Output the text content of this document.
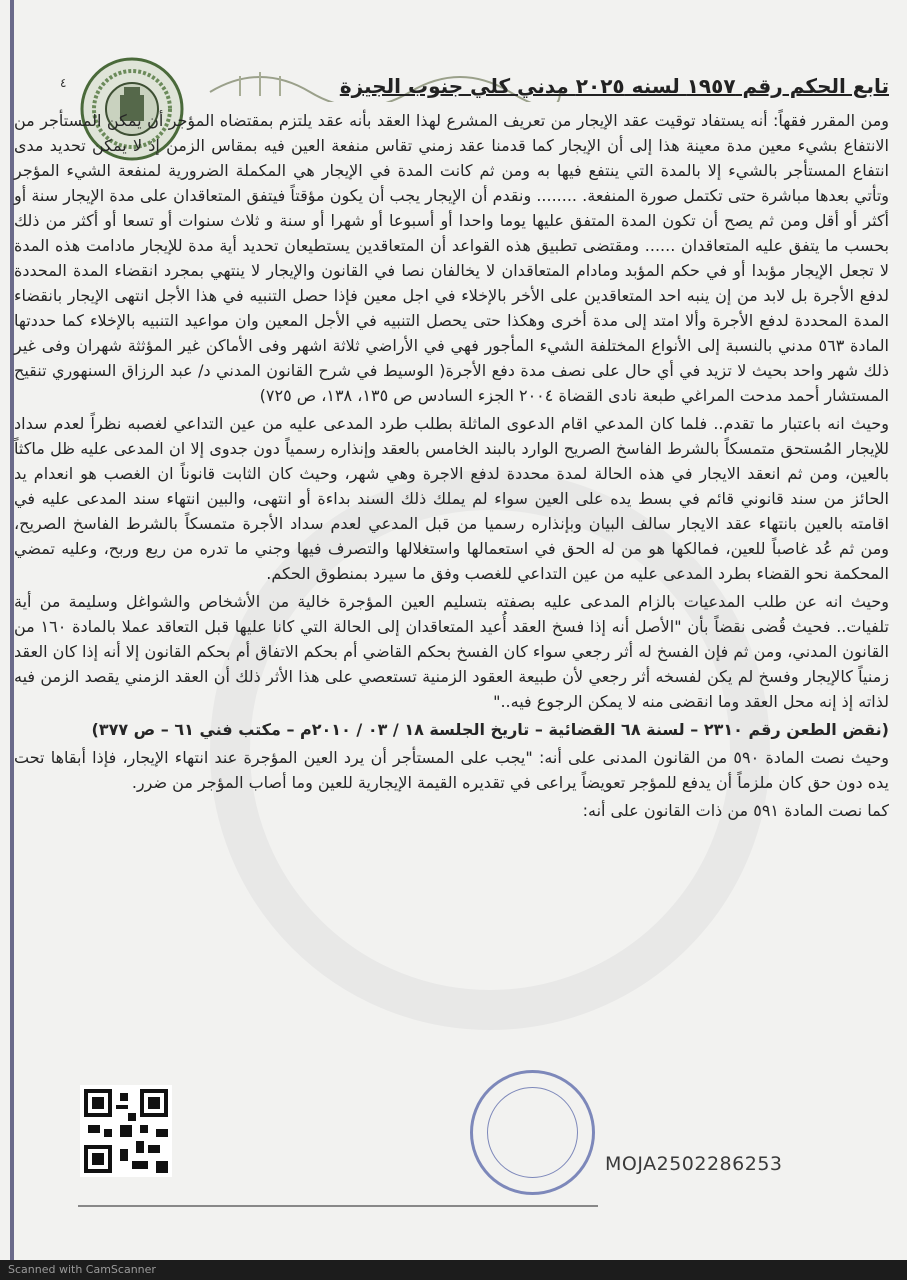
٤	تابع الحكم رقم ١٩٥٧ لسنه ٢٠٢٥ مدني كلي جنوب الجيزة

ومن المقرر فقهاً: أنه يستفاد توقيت عقد الإيجار من تعريف المشرع لهذا العقد بأنه عقد يلتزم بمقتضاه المؤجر أن يمكن المستأجر من الانتفاع بشيء معين مدة معينة هذا إلى أن الإيجار كما قدمنا عقد زمني تقاس منفعة العين فيه بمقاس الزمن إذ لا يمكن تحديد مدى انتفاع المستأجر بالشيء إلا بالمدة التي ينتفع فيها به ومن ثم كانت المدة في الإيجار هي المكملة الضرورية لمنفعة الشيء المؤجر وتأتي بعدها مباشرة حتى تكتمل صورة المنفعة. ........ ونقدم أن الإيجار يجب أن يكون مؤقتاً فيتفق المتعاقدان على مدة الإيجار سنة أو أكثر أو أقل ومن ثم يصح أن تكون المدة المتفق عليها يوما واحدا أو أسبوعا أو شهرا أو سنة و ثلاث سنوات أو تسعا أو أكثر من ذلك بحسب ما يتفق عليه المتعاقدان ...... ومقتضى تطبيق هذه القواعد أن المتعاقدين يستطيعان تحديد أية مدة للإيجار مادامت هذه المدة لا تجعل الإيجار مؤبدا أو في حكم المؤبد ومادام المتعاقدان لا يخالفان نصا في القانون والإيجار لا ينتهي بمجرد انقضاء المدة المحددة لدفع الأجرة بل لابد من إن ينبه احد المتعاقدين على الأخر بالإخلاء في اجل معين فإذا حصل التنبيه في هذا الأجل انتهى الإيجار بانقضاء المدة المحددة لدفع الأجرة وألا امتد إلى مدة أخرى وهكذا حتى يحصل التنبيه في الأجل المعين وان مواعيد التنبيه بالإخلاء كما حددتها المادة ٥٦٣ مدني بالنسبة إلى الأنواع المختلفة الشيء المأجور فهي في الأراضي ثلاثة اشهر وفى الأماكن غير المؤثثة شهران وفى غير ذلك شهر واحد بحيث لا تزيد في أي حال على نصف مدة دفع الأجرة( الوسيط في شرح القانون المدني د/ عبد الرزاق السنهوري تنقيح المستشار أحمد مدحت المراغي طبعة نادى القضاة ٢٠٠٤ الجزء السادس ص ١٣٥، ١٣٨، ص ٧٢٥)

وحيث انه باعتبار ما تقدم.. فلما كان المدعي اقام الدعوى الماثلة بطلب طرد المدعى عليه من عين التداعي لغصبه نظراً لعدم سداد للإيجار المُستحق متمسكاً بالشرط الفاسخ الصريح الوارد بالبند الخامس بالعقد وإنذاره رسمياً دون جدوى إلا ان المدعى عليه ظل ماكثاً بالعين، ومن ثم انعقد الايجار في هذه الحالة لمدة محددة لدفع الاجرة وهي شهر، وحيث كان الثابت قانوناً ان الغصب هو انعدام يد الحائز من سند قانوني قائم في بسط يده على العين سواء لم يملك ذلك السند بداءة أو انتهى، والبين انتهاء سند المدعى عليه في اقامته بالعين بانتهاء عقد الايجار سالف البيان وبإنذاره رسميا من قبل المدعي لعدم سداد الأجرة متمسكاً بالشرط الفاسخ الصريح، ومن ثم عُد غاصباً للعين، فمالكها هو من له الحق في استعمالها واستغلالها والتصرف فيها وجني ما تدره من ريع وربح، وعليه تمضي المحكمة نحو القضاء بطرد المدعى عليه من عين التداعي للغصب وفق ما سيرد بمنطوق الحكم.

وحيث انه عن طلب المدعيات بالزام المدعى عليه بصفته بتسليم العين المؤجرة خالية من الأشخاص والشواغل وسليمة من أية تلفيات.. فحيث قُضى نقضاً بأن "الأصل أنه إذا فسخ العقد أُعيد المتعاقدان إلى الحالة التي كانا عليها قبل التعاقد عملا بالمادة ١٦٠ من القانون المدني، ومن ثم فإن الفسخ له أثر رجعي سواء كان الفسخ بحكم القاضي أم بحكم الاتفاق أم بحكم القانون إلا أنه إذا كان العقد زمنياً كالإيجار وفسخ لم يكن لفسخه أثر رجعي لأن طبيعة العقود الزمنية تستعصي على هذا الأثر ذلك أن العقد الزمني يقصد الزمن فيه لذاته إذ إنه محل العقد وما انقضى منه لا يمكن الرجوع فيه.."

(نقض الطعن رقم ٢٣١٠ – لسنة ٦٨ القضائية – تاريخ الجلسة ١٨ / ٠٣ / ٢٠١٠م – مكتب فني ٦١ – ص ٣٧٧)

وحيث نصت المادة ٥٩٠ من القانون المدنى على أنه: "يجب على المستأجر أن يرد العين المؤجرة عند انتهاء الإيجار، فإذا أبقاها تحت يده دون حق كان ملزماً أن يدفع للمؤجر تعويضاً يراعى في تقديره القيمة الإيجارية للعين وما أصاب المؤجر من ضرر.

كما نصت المادة ٥٩١ من ذات القانون على أنه:

MOJA2502286253
Scanned with CamScanner
